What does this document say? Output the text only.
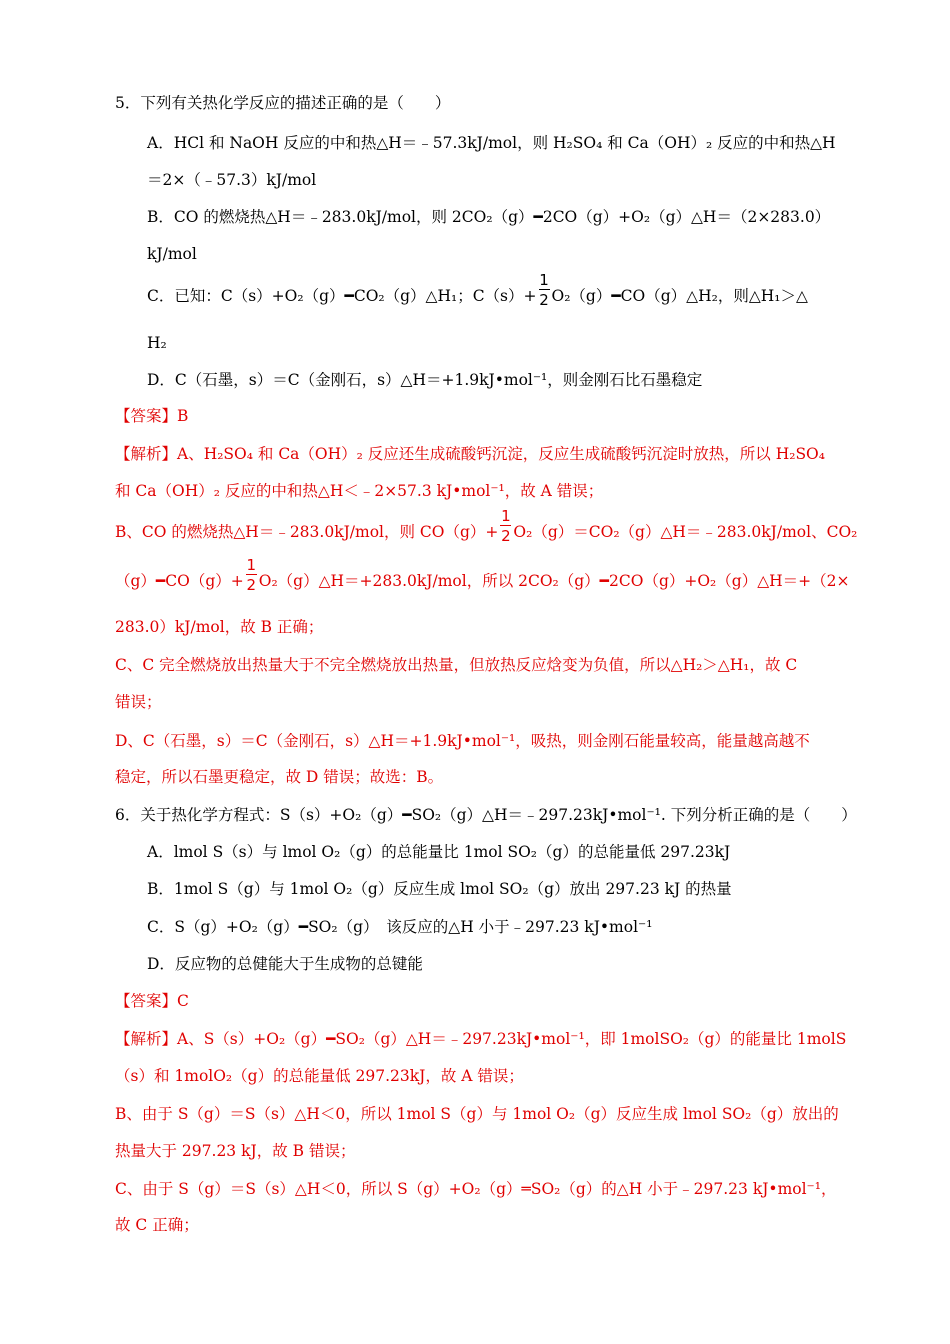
5．下列有关热化学反应的描述正确的是（　　）
A．HCl 和 NaOH 反应的中和热△H＝﹣57.3kJ/mol，则 H₂SO₄ 和 Ca（OH）₂ 反应的中和热△H
＝2×（﹣57.3）kJ/mol
B．CO 的燃烧热△H＝﹣283.0kJ/mol，则 2CO₂（g）━2CO（g）+O₂（g）△H＝（2×283.0）
kJ/mol
C．已知：C（s）+O₂（g）━CO₂（g）△H₁；$C(s)+ \frac{1}{2}$ O₂（g）━CO（g）△H₂，则△H₁＞△
H₂
D．C（石墨，s）＝C（金刚石，s）△H＝+1.9kJ•mol⁻¹，则金刚石比石墨稳定
【答案】B
【解析】A、H₂SO₄ 和 Ca（OH）₂ 反应还生成硫酸钙沉淀，反应生成硫酸钙沉淀时放热，所以 H₂SO₄
和 Ca（OH）₂ 反应的中和热△H＜﹣2×57.3 kJ•mol⁻¹，故 A 错误；
B、CO 的燃烧热△H＝﹣283.0kJ/mol，则 $CO(g)+ \frac{1}{2}$ O₂（g）＝CO₂（g）△H＝﹣283.0kJ/mol、CO₂
（g）━CO（g）+ $\frac{1}{2}$ O₂（g）△H＝+283.0kJ/mol，所以 2CO₂（g）━2CO（g）+O₂（g）△H＝+（2×
283.0）kJ/mol，故 B 正确；
C、C 完全燃烧放出热量大于不完全燃烧放出热量，但放热反应焓变为负值，所以△H₂＞△H₁，故 C
错误；
D、C（石墨，s）＝C（金刚石，s）△H＝+1.9kJ•mol⁻¹，吸热，则金刚石能量较高，能量越高越不
稳定，所以石墨更稳定，故 D 错误；故选：B。
6．关于热化学方程式：S（s）+O₂（g）━SO₂（g）△H＝﹣297.23kJ•mol⁻¹. 下列分析正确的是（　　）
A．lmol S（s）与 lmol O₂（g）的总能量比 1mol SO₂（g）的总能量低 297.23kJ
B．1mol S（g）与 1mol O₂（g）反应生成 lmol SO₂（g）放出 297.23 kJ 的热量
C．S（g）+O₂（g）━SO₂（g）　该反应的△H 小于﹣297.23 kJ•mol⁻¹
D．反应物的总健能大于生成物的总键能
【答案】C
【解析】A、S（s）+O₂（g）━SO₂（g）△H＝﹣297.23kJ•mol⁻¹，即 1molSO₂（g）的能量比 1molS
（s）和 1molO₂（g）的总能量低 297.23kJ，故 A 错误；
B、由于 S（g）＝S（s）△H＜0，所以 1mol S（g）与 1mol O₂（g）反应生成 lmol SO₂（g）放出的
热量大于 297.23 kJ，故 B 错误；
C、由于 S（g）＝S（s）△H＜0，所以 S（g）+O₂（g）═SO₂（g）的△H 小于﹣297.23 kJ•mol⁻¹，
故 C 正确；
